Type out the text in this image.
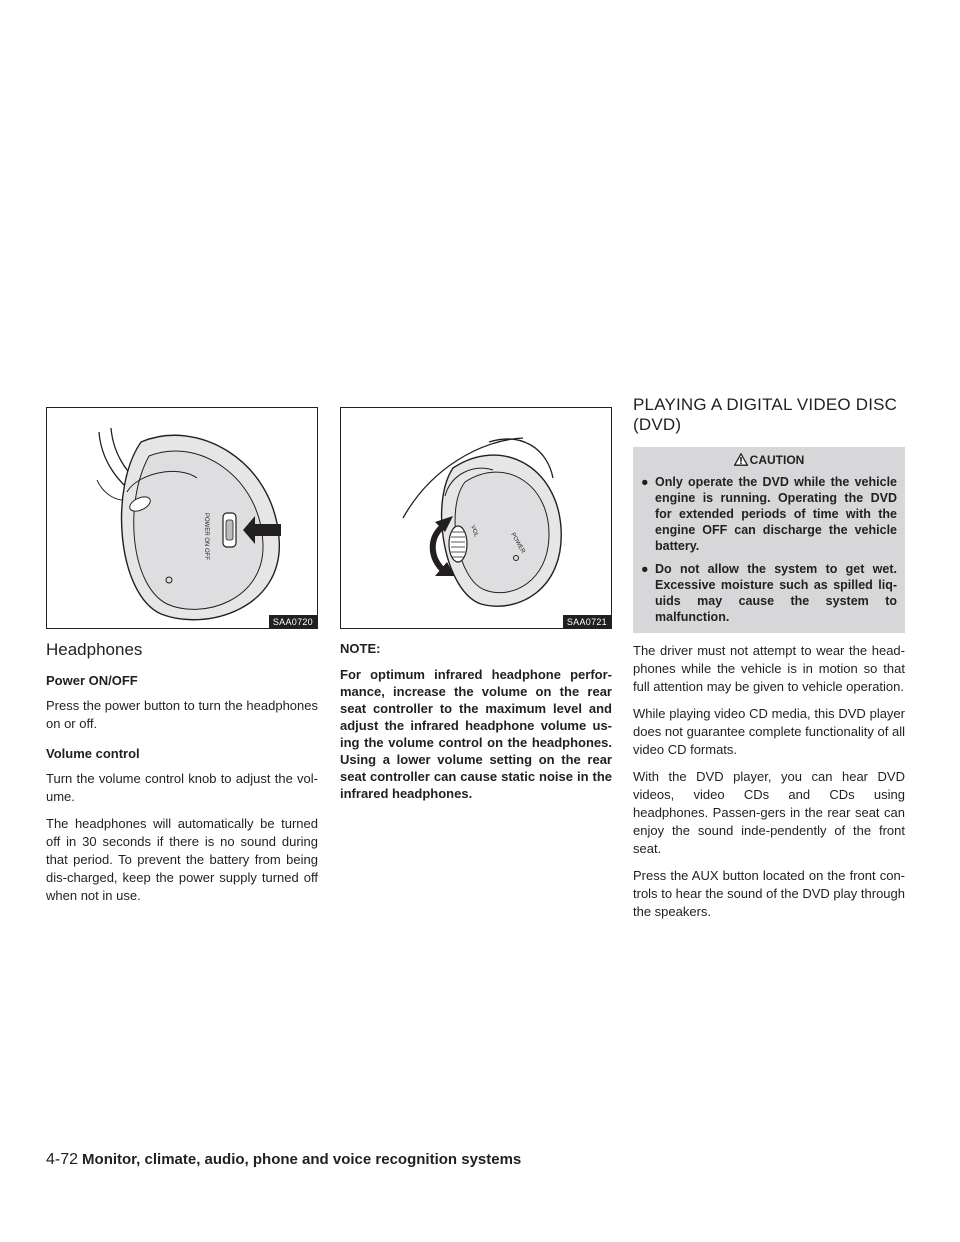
POWER ON OFF
SAA0720
Headphones
Power ON/OFF

Press the power button to turn the headphones on or off.

Volume control

Turn the volume control knob to adjust the vol-ume.

The headphones will automatically be turned off in 30 seconds if there is no sound during that period. To prevent the battery from being dis-charged, keep the power supply turned off when not in use.

VOL
POWER
SAA0721
NOTE:
For optimum infrared headphone perfor-mance, increase the volume on the rear seat controller to the maximum level and adjust the infrared headphone volume us-ing the volume control on the headphones. Using a lower volume setting on the rear seat controller can cause static noise in the infrared headphones.
PLAYING A DIGITAL VIDEO DISC (DVD)
CAUTION
● Only operate the DVD while the vehicle engine is running. Operating the DVD for extended periods of time with the engine OFF can discharge the vehicle battery.
● Do not allow the system to get wet. Excessive moisture such as spilled liq-uids may cause the system to malfunction.

The driver must not attempt to wear the head-phones while the vehicle is in motion so that full attention may be given to vehicle operation.

While playing video CD media, this DVD player does not guarantee complete functionality of all video CD formats.

With the DVD player, you can hear DVD videos, video CDs and CDs using headphones. Passen-gers in the rear seat can enjoy the sound inde-pendently of the front seat.

Press the AUX button located on the front con-trols to hear the sound of the DVD play through the speakers.

4-72 Monitor, climate, audio, phone and voice recognition systems
